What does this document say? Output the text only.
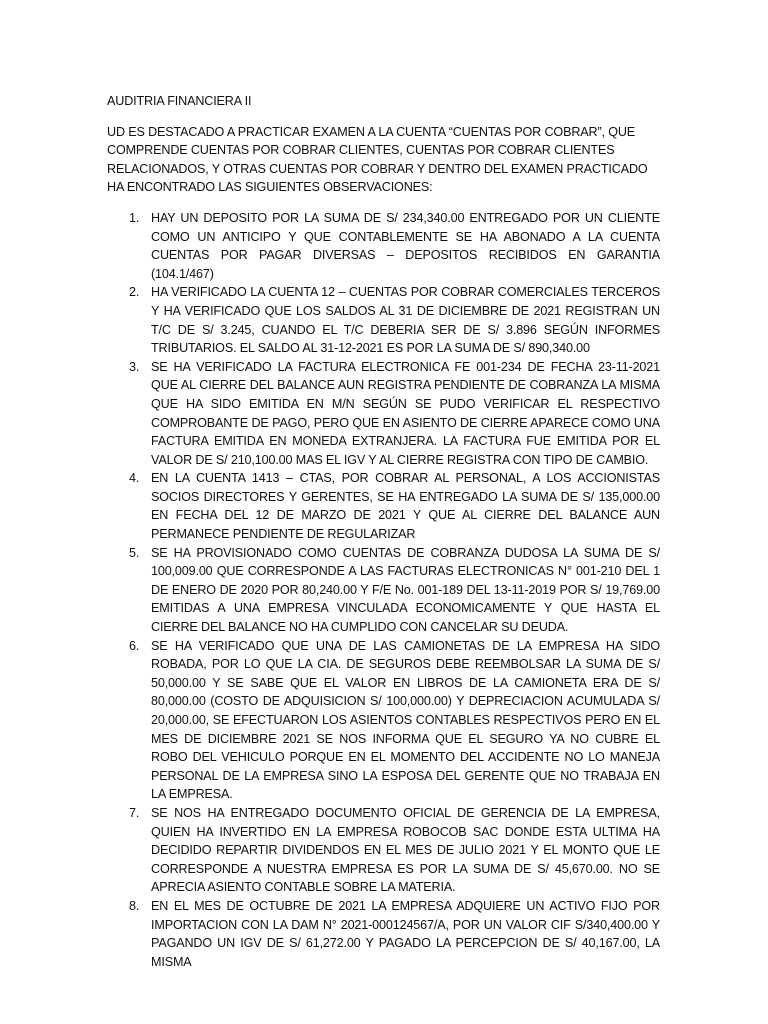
AUDITRIA FINANCIERA II

UD ES DESTACADO A PRACTICAR EXAMEN A LA CUENTA “CUENTAS POR COBRAR”, QUE COMPRENDE CUENTAS POR COBRAR CLIENTES, CUENTAS POR COBRAR CLIENTES RELACIONADOS, Y OTRAS CUENTAS POR COBRAR Y DENTRO DEL EXAMEN PRACTICADO HA ENCONTRADO LAS SIGUIENTES OBSERVACIONES:

1. HAY UN DEPOSITO POR LA SUMA DE S/ 234,340.00 ENTREGADO POR UN CLIENTE COMO UN ANTICIPO Y QUE CONTABLEMENTE SE HA ABONADO A LA CUENTA CUENTAS POR PAGAR DIVERSAS – DEPOSITOS RECIBIDOS EN GARANTIA (104.1/467)
2. HA VERIFICADO LA CUENTA 12 – CUENTAS POR COBRAR COMERCIALES TERCEROS Y HA VERIFICADO QUE LOS SALDOS AL 31 DE DICIEMBRE DE 2021 REGISTRAN UN T/C DE S/ 3.245, CUANDO EL T/C DEBERIA SER DE S/ 3.896 SEGÚN INFORMES TRIBUTARIOS. EL SALDO AL 31-12-2021 ES POR LA SUMA DE S/ 890,340.00
3. SE HA VERIFICADO LA FACTURA ELECTRONICA FE 001-234 DE FECHA 23-11-2021 QUE AL CIERRE DEL BALANCE AUN REGISTRA PENDIENTE DE COBRANZA LA MISMA QUE HA SIDO EMITIDA EN M/N SEGÚN SE PUDO VERIFICAR EL RESPECTIVO COMPROBANTE DE PAGO, PERO QUE EN ASIENTO DE CIERRE APARECE COMO UNA FACTURA EMITIDA EN MONEDA EXTRANJERA. LA FACTURA FUE EMITIDA POR EL VALOR DE S/ 210,100.00 MAS EL IGV Y AL CIERRE REGISTRA CON TIPO DE CAMBIO.
4. EN LA CUENTA 1413 – CTAS, POR COBRAR AL PERSONAL, A LOS ACCIONISTAS SOCIOS DIRECTORES Y GERENTES, SE HA ENTREGADO LA SUMA DE S/ 135,000.00 EN FECHA DEL 12 DE MARZO DE 2021 Y QUE AL CIERRE DEL BALANCE AUN PERMANECE PENDIENTE DE REGULARIZAR
5. SE HA PROVISIONADO COMO CUENTAS DE COBRANZA DUDOSA LA SUMA DE S/ 100,009.00 QUE CORRESPONDE A LAS FACTURAS ELECTRONICAS N° 001-210 DEL 1 DE ENERO DE 2020 POR 80,240.00 Y F/E No. 001-189 DEL 13-11-2019 POR S/ 19,769.00 EMITIDAS A UNA EMPRESA VINCULADA ECONOMICAMENTE Y QUE HASTA EL CIERRE DEL BALANCE NO HA CUMPLIDO CON CANCELAR SU DEUDA.
6. SE HA VERIFICADO QUE UNA DE LAS CAMIONETAS DE LA EMPRESA HA SIDO ROBADA, POR LO QUE LA CIA. DE SEGUROS DEBE REEMBOLSAR LA SUMA DE S/ 50,000.00 Y SE SABE QUE EL VALOR EN LIBROS DE LA CAMIONETA ERA DE S/ 80,000.00 (COSTO DE ADQUISICION S/ 100,000.00) Y DEPRECIACION ACUMULADA S/ 20,000.00, SE EFECTUARON LOS ASIENTOS CONTABLES RESPECTIVOS PERO EN EL MES DE DICIEMBRE 2021 SE NOS INFORMA QUE EL SEGURO YA NO CUBRE EL ROBO DEL VEHICULO PORQUE EN EL MOMENTO DEL ACCIDENTE NO LO MANEJA PERSONAL DE LA EMPRESA SINO LA ESPOSA DEL GERENTE QUE NO TRABAJA EN LA EMPRESA.
7. SE NOS HA ENTREGADO DOCUMENTO OFICIAL DE GERENCIA DE LA EMPRESA, QUIEN HA INVERTIDO EN LA EMPRESA ROBOCOB SAC DONDE ESTA ULTIMA HA DECIDIDO REPARTIR DIVIDENDOS EN EL MES DE JULIO 2021 Y EL MONTO QUE LE CORRESPONDE A NUESTRA EMPRESA ES POR LA SUMA DE S/ 45,670.00. NO SE APRECIA ASIENTO CONTABLE SOBRE LA MATERIA.
8. EN EL MES DE OCTUBRE DE 2021 LA EMPRESA ADQUIERE UN ACTIVO FIJO POR IMPORTACION CON LA DAM N° 2021-000124567/A, POR UN VALOR CIF S/340,400.00 Y PAGANDO UN IGV DE S/ 61,272.00 Y PAGADO LA PERCEPCION DE S/ 40,167.00, LA MISMA
